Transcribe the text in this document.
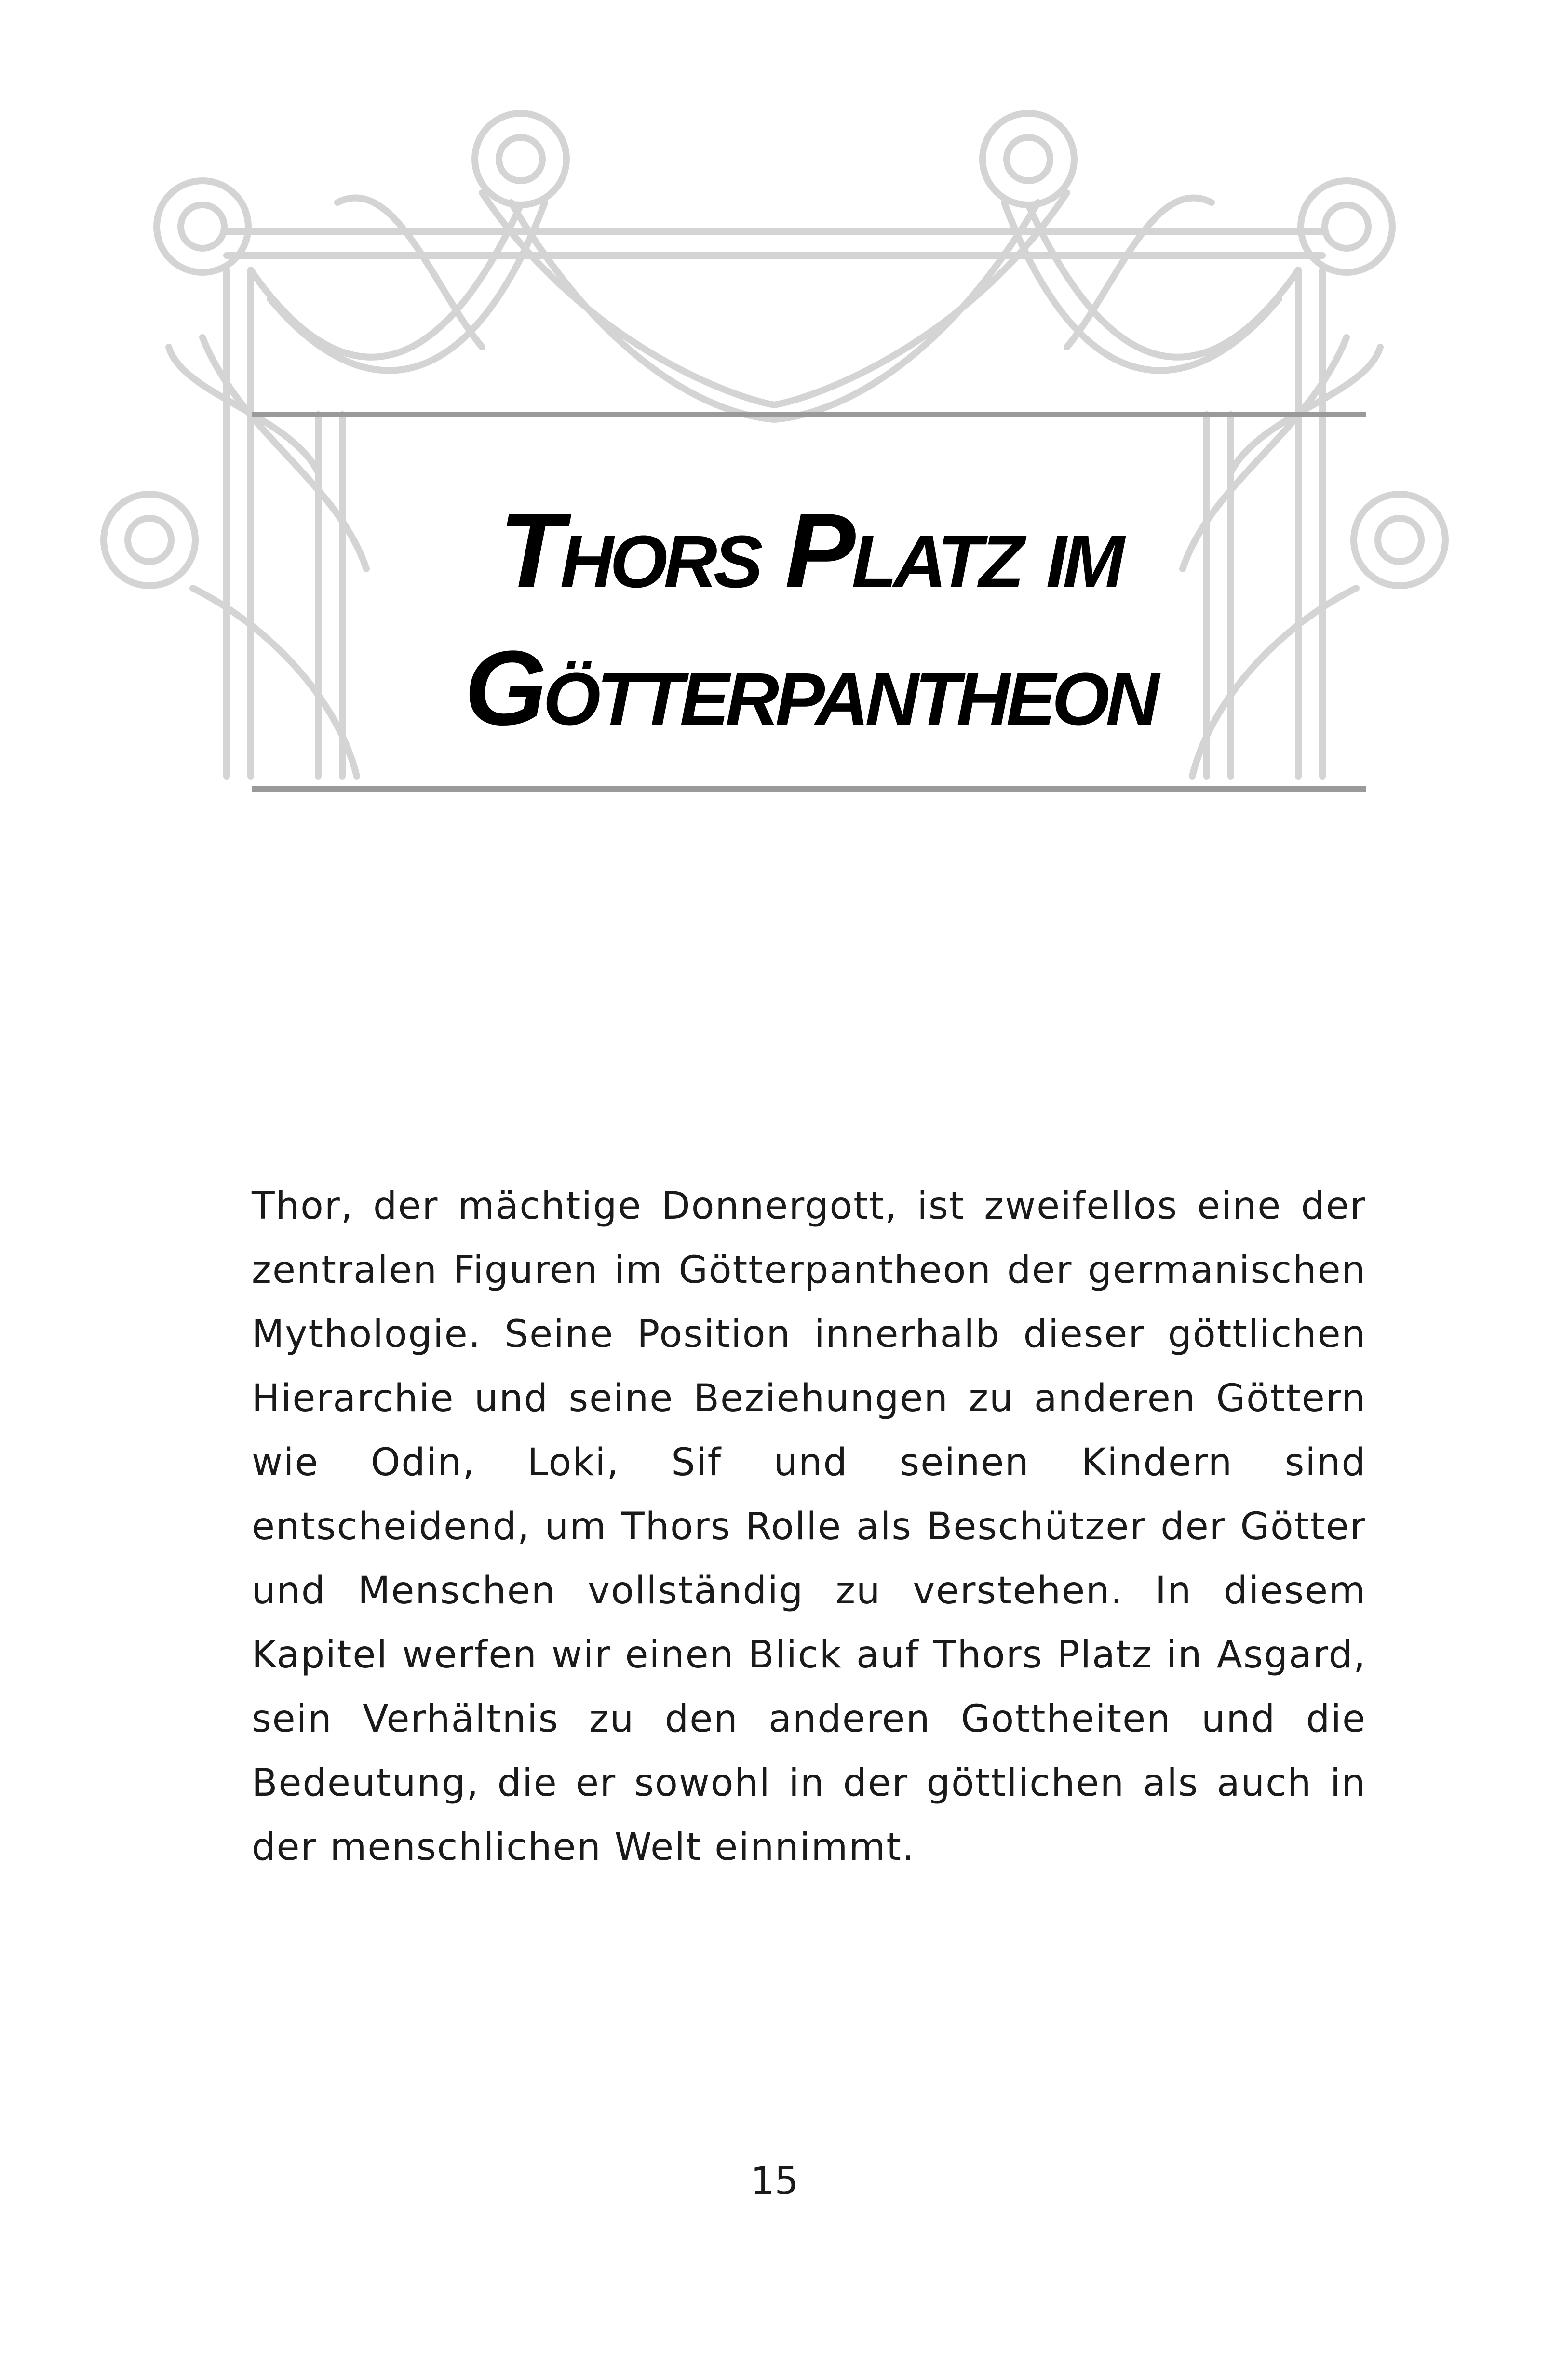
Thors Platz im Götterpantheon

Thor, der mächtige Donnergott, ist zweifellos eine der zentralen Figuren im Götterpantheon der germanischen Mythologie. Seine Position innerhalb dieser göttlichen Hierarchie und seine Beziehungen zu anderen Göttern wie Odin, Loki, Sif und seinen Kindern sind entscheidend, um Thors Rolle als Beschützer der Götter und Menschen vollständig zu verstehen. In diesem Kapitel werfen wir einen Blick auf Thors Platz in Asgard, sein Verhältnis zu den anderen Gottheiten und die Bedeutung, die er sowohl in der göttlichen als auch in der menschlichen Welt einnimmt.

15
